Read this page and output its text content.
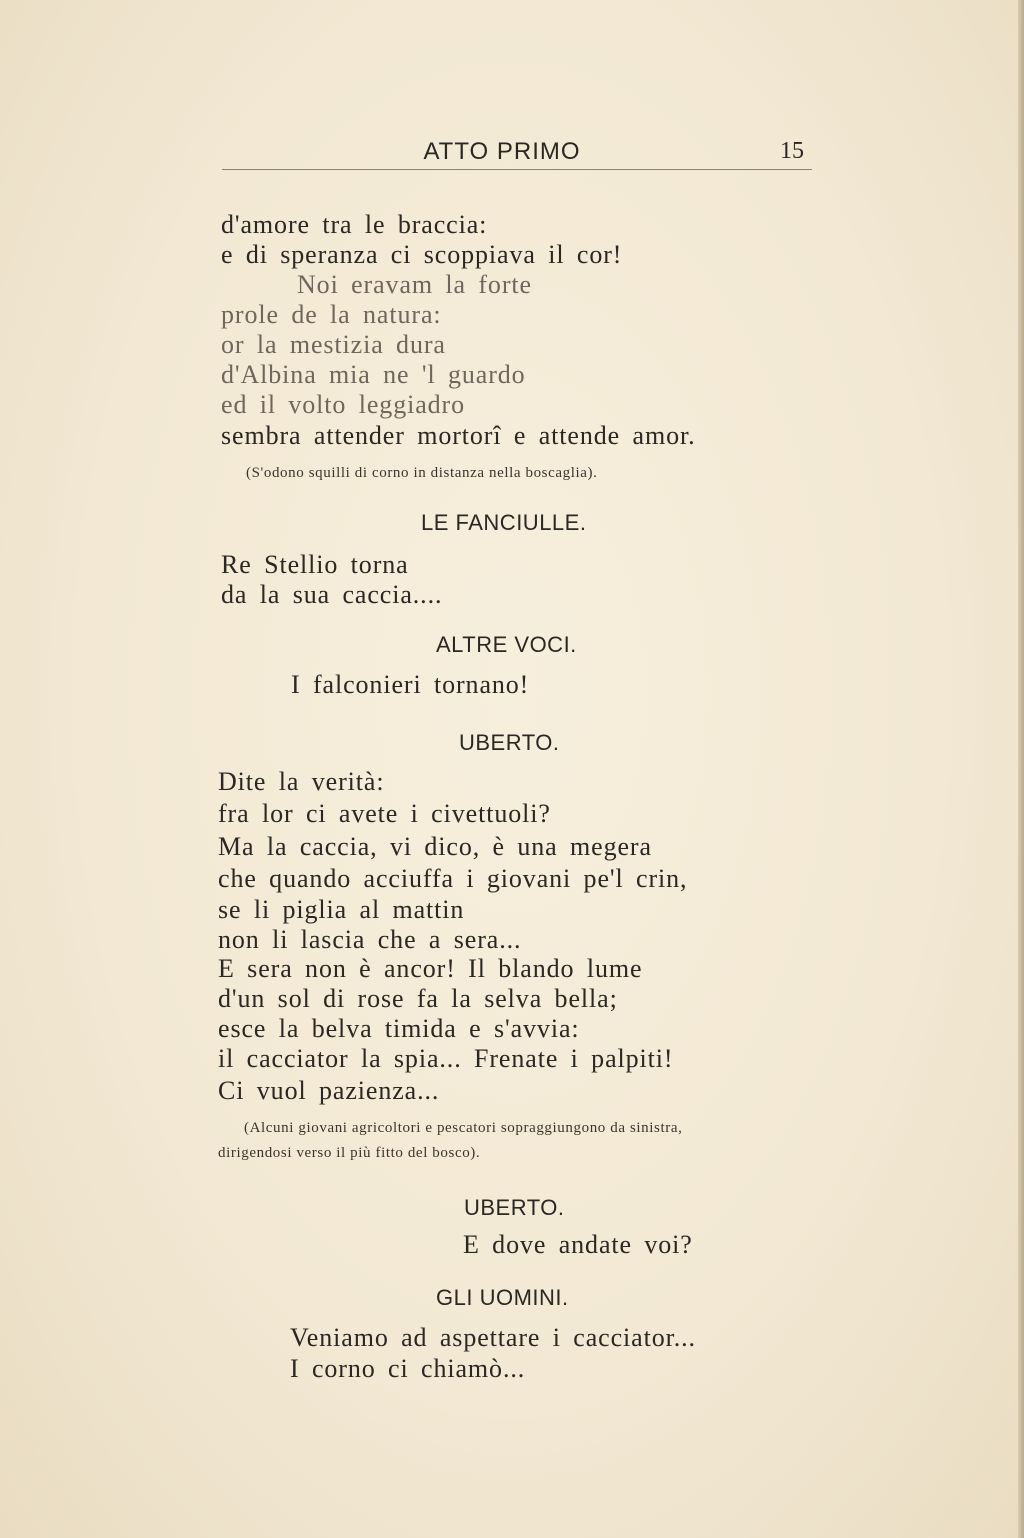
ATTO PRIMO	15
d'amore tra le braccia:
e di speranza ci scoppiava il cor!
Noi eravam la forte
prole de la natura:
or la mestizia dura
d'Albina mia ne 'l guardo
ed il volto leggiadro
sembra attender mortorî e attende amor.
(S'odono squilli di corno in distanza nella boscaglia).
LE FANCIULLE.
Re Stellio torna
da la sua caccia....
ALTRE VOCI.
I falconieri tornano!
UBERTO.
Dite la verità:
fra lor ci avete i civettuoli?
Ma la caccia, vi dico, è una megera
che quando acciuffa i giovani pe'l crin,
se li piglia al mattin
non li lascia che a sera...
E sera non è ancor! Il blando lume
d'un sol di rose fa la selva bella;
esce la belva timida e s'avvia:
il cacciator la spia... Frenate i palpiti!
Ci vuol pazienza...
(Alcuni giovani agricoltori e pescatori sopraggiungono da sinistra,
dirigendosi verso il più fitto del bosco).
UBERTO.
E dove andate voi?
GLI UOMINI.
Veniamo ad aspettare i cacciator...
I corno ci chiamò...
